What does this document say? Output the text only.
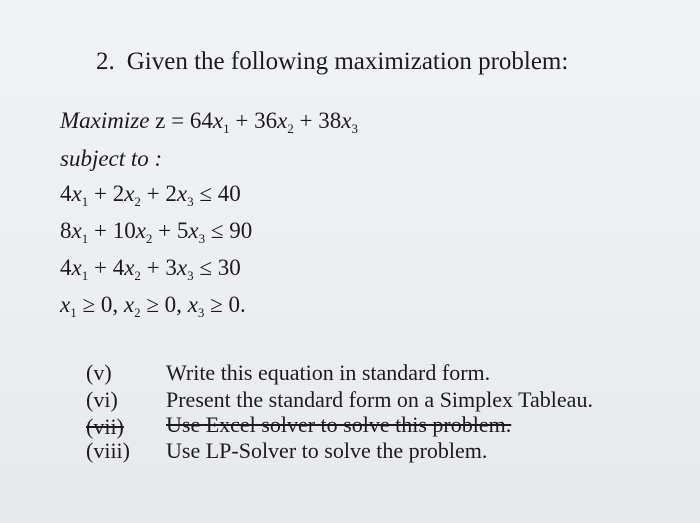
2. Given the following maximization problem:
Maximize $z = 64x_1 + 36x_2 + 38x_3$
subject to :
$4x_1 + 2x_2 + 2x_3 \le 40$
$8x_1 + 10x_2 + 5x_3 \le 90$
$4x_1 + 4x_2 + 3x_3 \le 30$
$x_1 \ge 0$, $x_2 \ge 0$, $x_3 \ge 0$.
(v)	Write this equation in standard form.
(vi)	Present the standard form on a Simplex Tableau.
(vii)	Use Excel solver to solve this problem.
(viii)	Use LP-Solver to solve the problem.
